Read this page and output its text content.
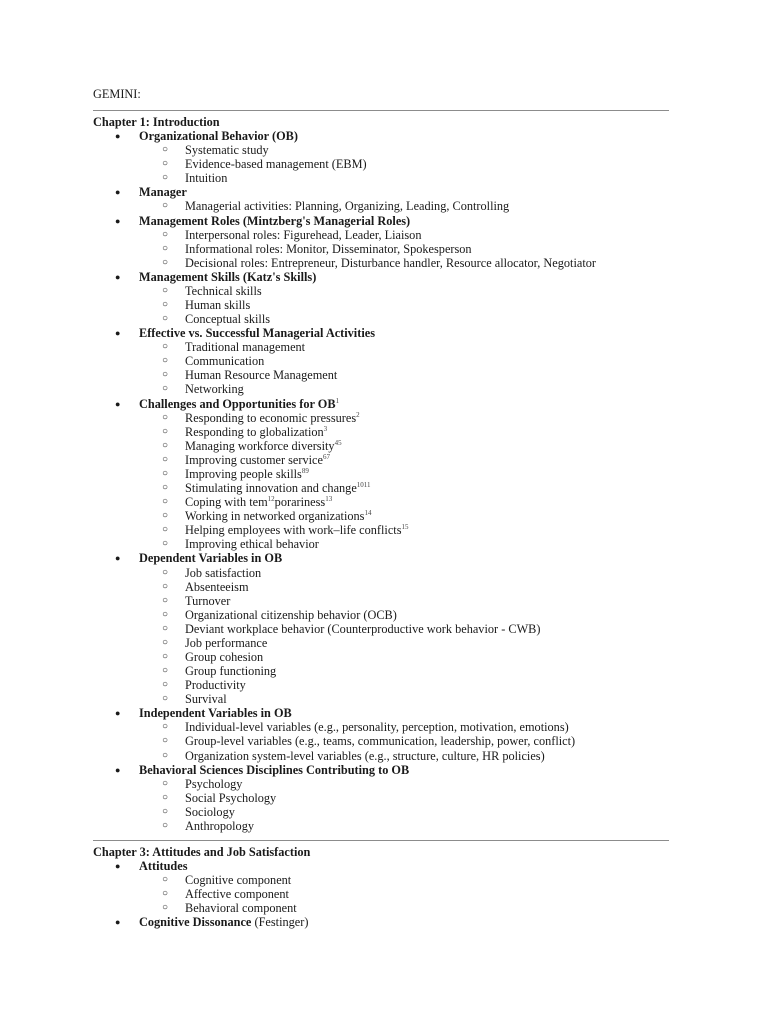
GEMINI:
Chapter 1: Introduction
● Organizational Behavior (OB)
○ Systematic study
○ Evidence-based management (EBM)
○ Intuition
● Manager
○ Managerial activities: Planning, Organizing, Leading, Controlling
● Management Roles (Mintzberg's Managerial Roles)
○ Interpersonal roles: Figurehead, Leader, Liaison
○ Informational roles: Monitor, Disseminator, Spokesperson
○ Decisional roles: Entrepreneur, Disturbance handler, Resource allocator, Negotiator
● Management Skills (Katz's Skills)
○ Technical skills
○ Human skills
○ Conceptual skills
● Effective vs. Successful Managerial Activities
○ Traditional management
○ Communication
○ Human Resource Management
○ Networking
● Challenges and Opportunities for $OB^1$
○ Responding to economic pressures$^2$
○ Responding to globalization$^3$
○ Managing workforce diversity$^{45}$
○ Improving customer service$^{67}$
○ Improving people skills$^{89}$
○ Stimulating innovation and change$^{1011}$
○ Coping with tem$^{12}$porariness$^{13}$
○ Working in networked organizations$^{14}$
○ Helping employees with work–life conflicts$^{15}$
○ Improving ethical behavior
● Dependent Variables in OB
○ Job satisfaction
○ Absenteeism
○ Turnover
○ Organizational citizenship behavior (OCB)
○ Deviant workplace behavior (Counterproductive work behavior - CWB)
○ Job performance
○ Group cohesion
○ Group functioning
○ Productivity
○ Survival
● Independent Variables in OB
○ Individual-level variables (e.g., personality, perception, motivation, emotions)
○ Group-level variables (e.g., teams, communication, leadership, power, conflict)
○ Organization system-level variables (e.g., structure, culture, HR policies)
● Behavioral Sciences Disciplines Contributing to OB
○ Psychology
○ Social Psychology
○ Sociology
○ Anthropology
Chapter 3: Attitudes and Job Satisfaction
● Attitudes
○ Cognitive component
○ Affective component
○ Behavioral component
● Cognitive Dissonance (Festinger)
